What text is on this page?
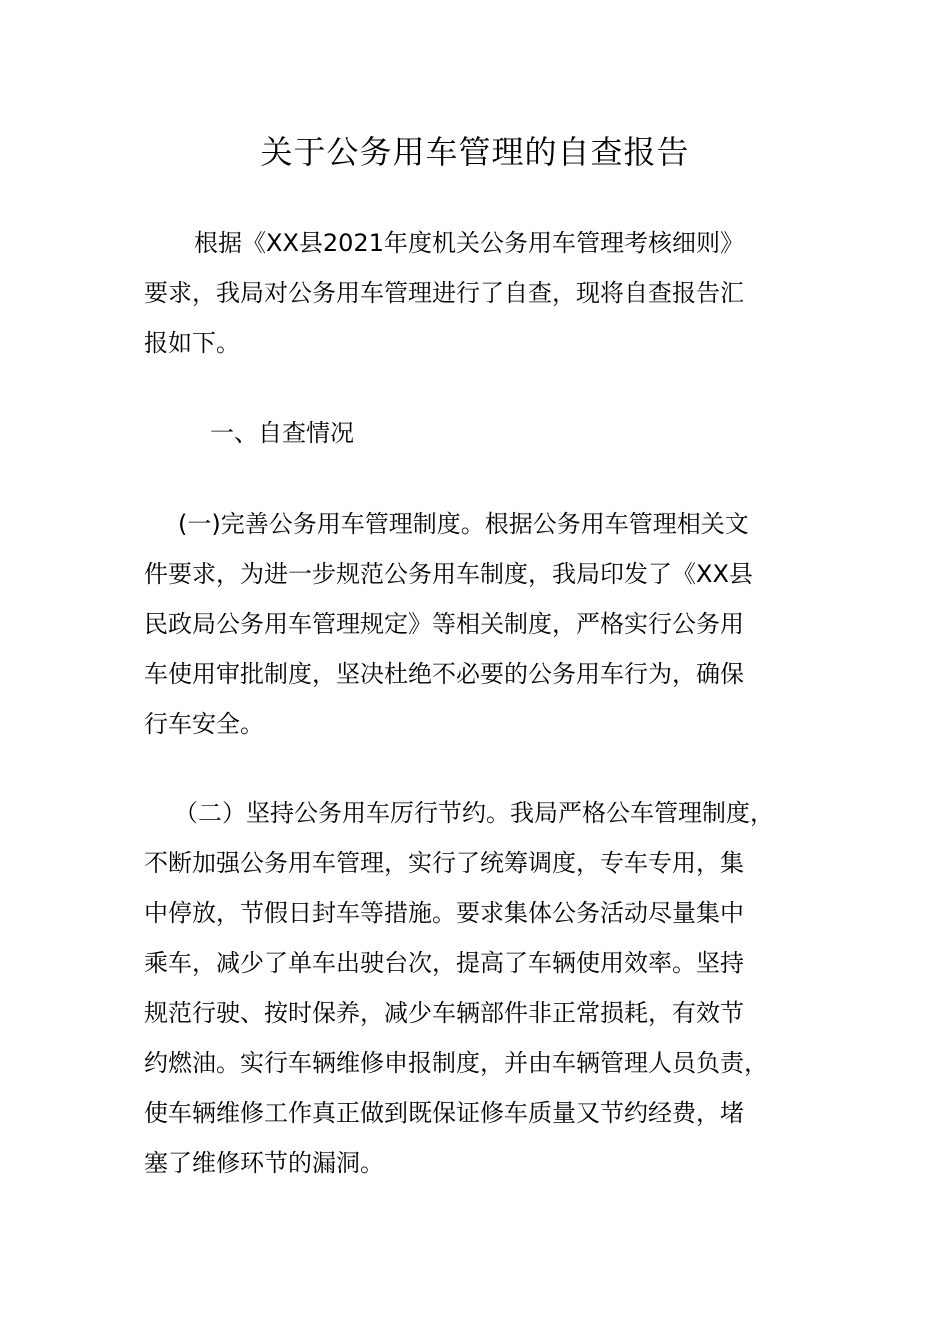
关于公务用车管理的自查报告
根据《XX县2021年度机关公务用车管理考核细则》
要求，我局对公务用车管理进行了自查，现将自查报告汇
报如下。
一、自查情况
(一)完善公务用车管理制度。根据公务用车管理相关文
件要求，为进一步规范公务用车制度，我局印发了《XX县
民政局公务用车管理规定》等相关制度，严格实行公务用
车使用审批制度，坚决杜绝不必要的公务用车行为，确保
行车安全。
（二）坚持公务用车厉行节约。我局严格公车管理制度，
不断加强公务用车管理，实行了统筹调度，专车专用，集
中停放，节假日封车等措施。要求集体公务活动尽量集中
乘车，减少了单车出驶台次，提高了车辆使用效率。坚持
规范行驶、按时保养，减少车辆部件非正常损耗，有效节
约燃油。实行车辆维修申报制度，并由车辆管理人员负责，
使车辆维修工作真正做到既保证修车质量又节约经费，堵
塞了维修环节的漏洞。
